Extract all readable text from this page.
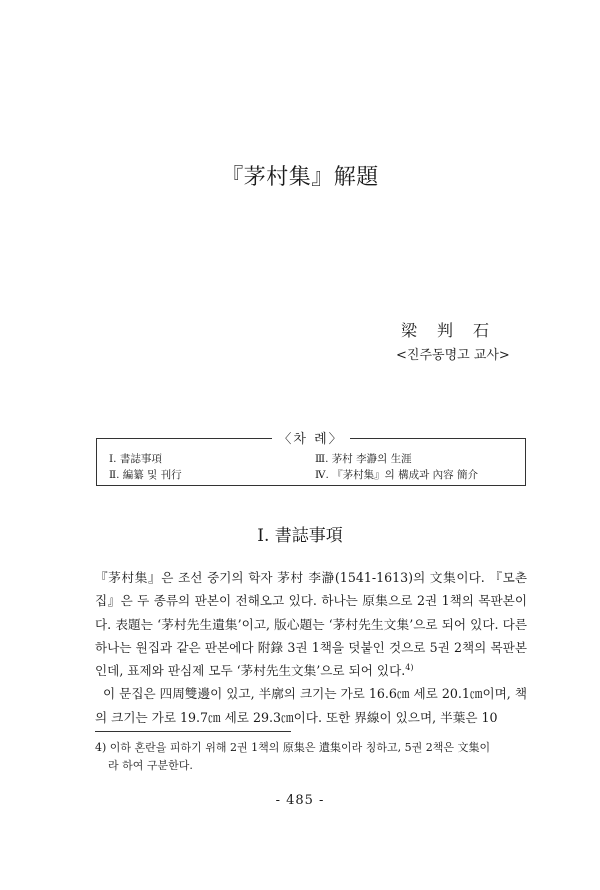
『茅村集』解題
梁 判 石
<진주동명고 교사>
〈차 례〉
Ⅰ. 書誌事項
Ⅱ. 編纂 및 刊行
Ⅲ. 茅村 李瀞의 生涯
Ⅳ. 『茅村集』의 構成과 內容 簡介
Ⅰ. 書誌事項

『茅村集』은 조선 중기의 학자 茅村 李瀞(1541-1613)의 文集이다. 『모촌집』은 두 종류의 판본이 전해오고 있다. 하나는 原集으로 2권 1책의 목판본이다. 表題는 ‘茅村先生遺集’이고, 版心題는 ‘茅村先生文集’으로 되어 있다. 다른 하나는 원집과 같은 판본에다 附錄 3권 1책을 덧붙인 것으로 5권 2책의 목판본인데, 표제와 판심제 모두 ‘茅村先生文集’으로 되어 있다.$^{4)}$

이 문집은 四周雙邊이 있고, 半廓의 크기는 가로 16.6㎝ 세로 20.1㎝이며, 책의 크기는 가로 19.7㎝ 세로 29.3㎝이다. 또한 界線이 있으며, 半葉은 10

4) 이하 혼란을 피하기 위해 2권 1책의 原集은 遺集이라 칭하고, 5권 2책은 文集이
라 하여 구분한다.
- 485 -
